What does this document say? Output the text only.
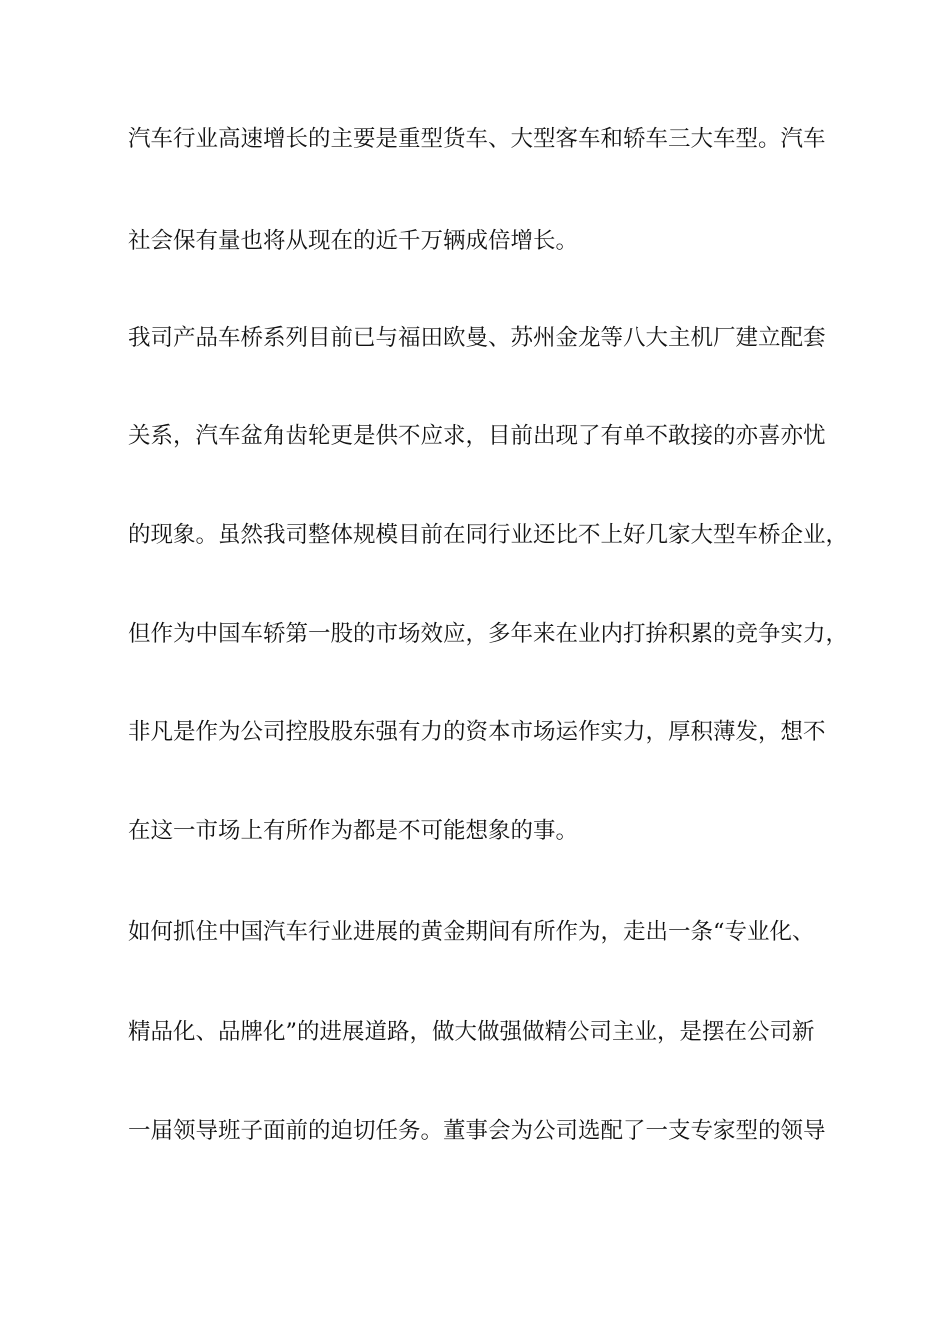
汽车行业高速增长的主要是重型货车、大型客车和轿车三大车型。汽车
社会保有量也将从现在的近千万辆成倍增长。
我司产品车桥系列目前已与福田欧曼、苏州金龙等八大主机厂建立配套
关系，汽车盆角齿轮更是供不应求，目前出现了有单不敢接的亦喜亦忧
的现象。虽然我司整体规模目前在同行业还比不上好几家大型车桥企业，
但作为中国车轿第一股的市场效应，多年来在业内打拚积累的竞争实力，
非凡是作为公司控股股东强有力的资本市场运作实力，厚积薄发，想不
在这一市场上有所作为都是不可能想象的事。
如何抓住中国汽车行业进展的黄金期间有所作为，走出一条“专业化、
精品化、品牌化”的进展道路，做大做强做精公司主业，是摆在公司新
一届领导班子面前的迫切任务。董事会为公司选配了一支专家型的领导
